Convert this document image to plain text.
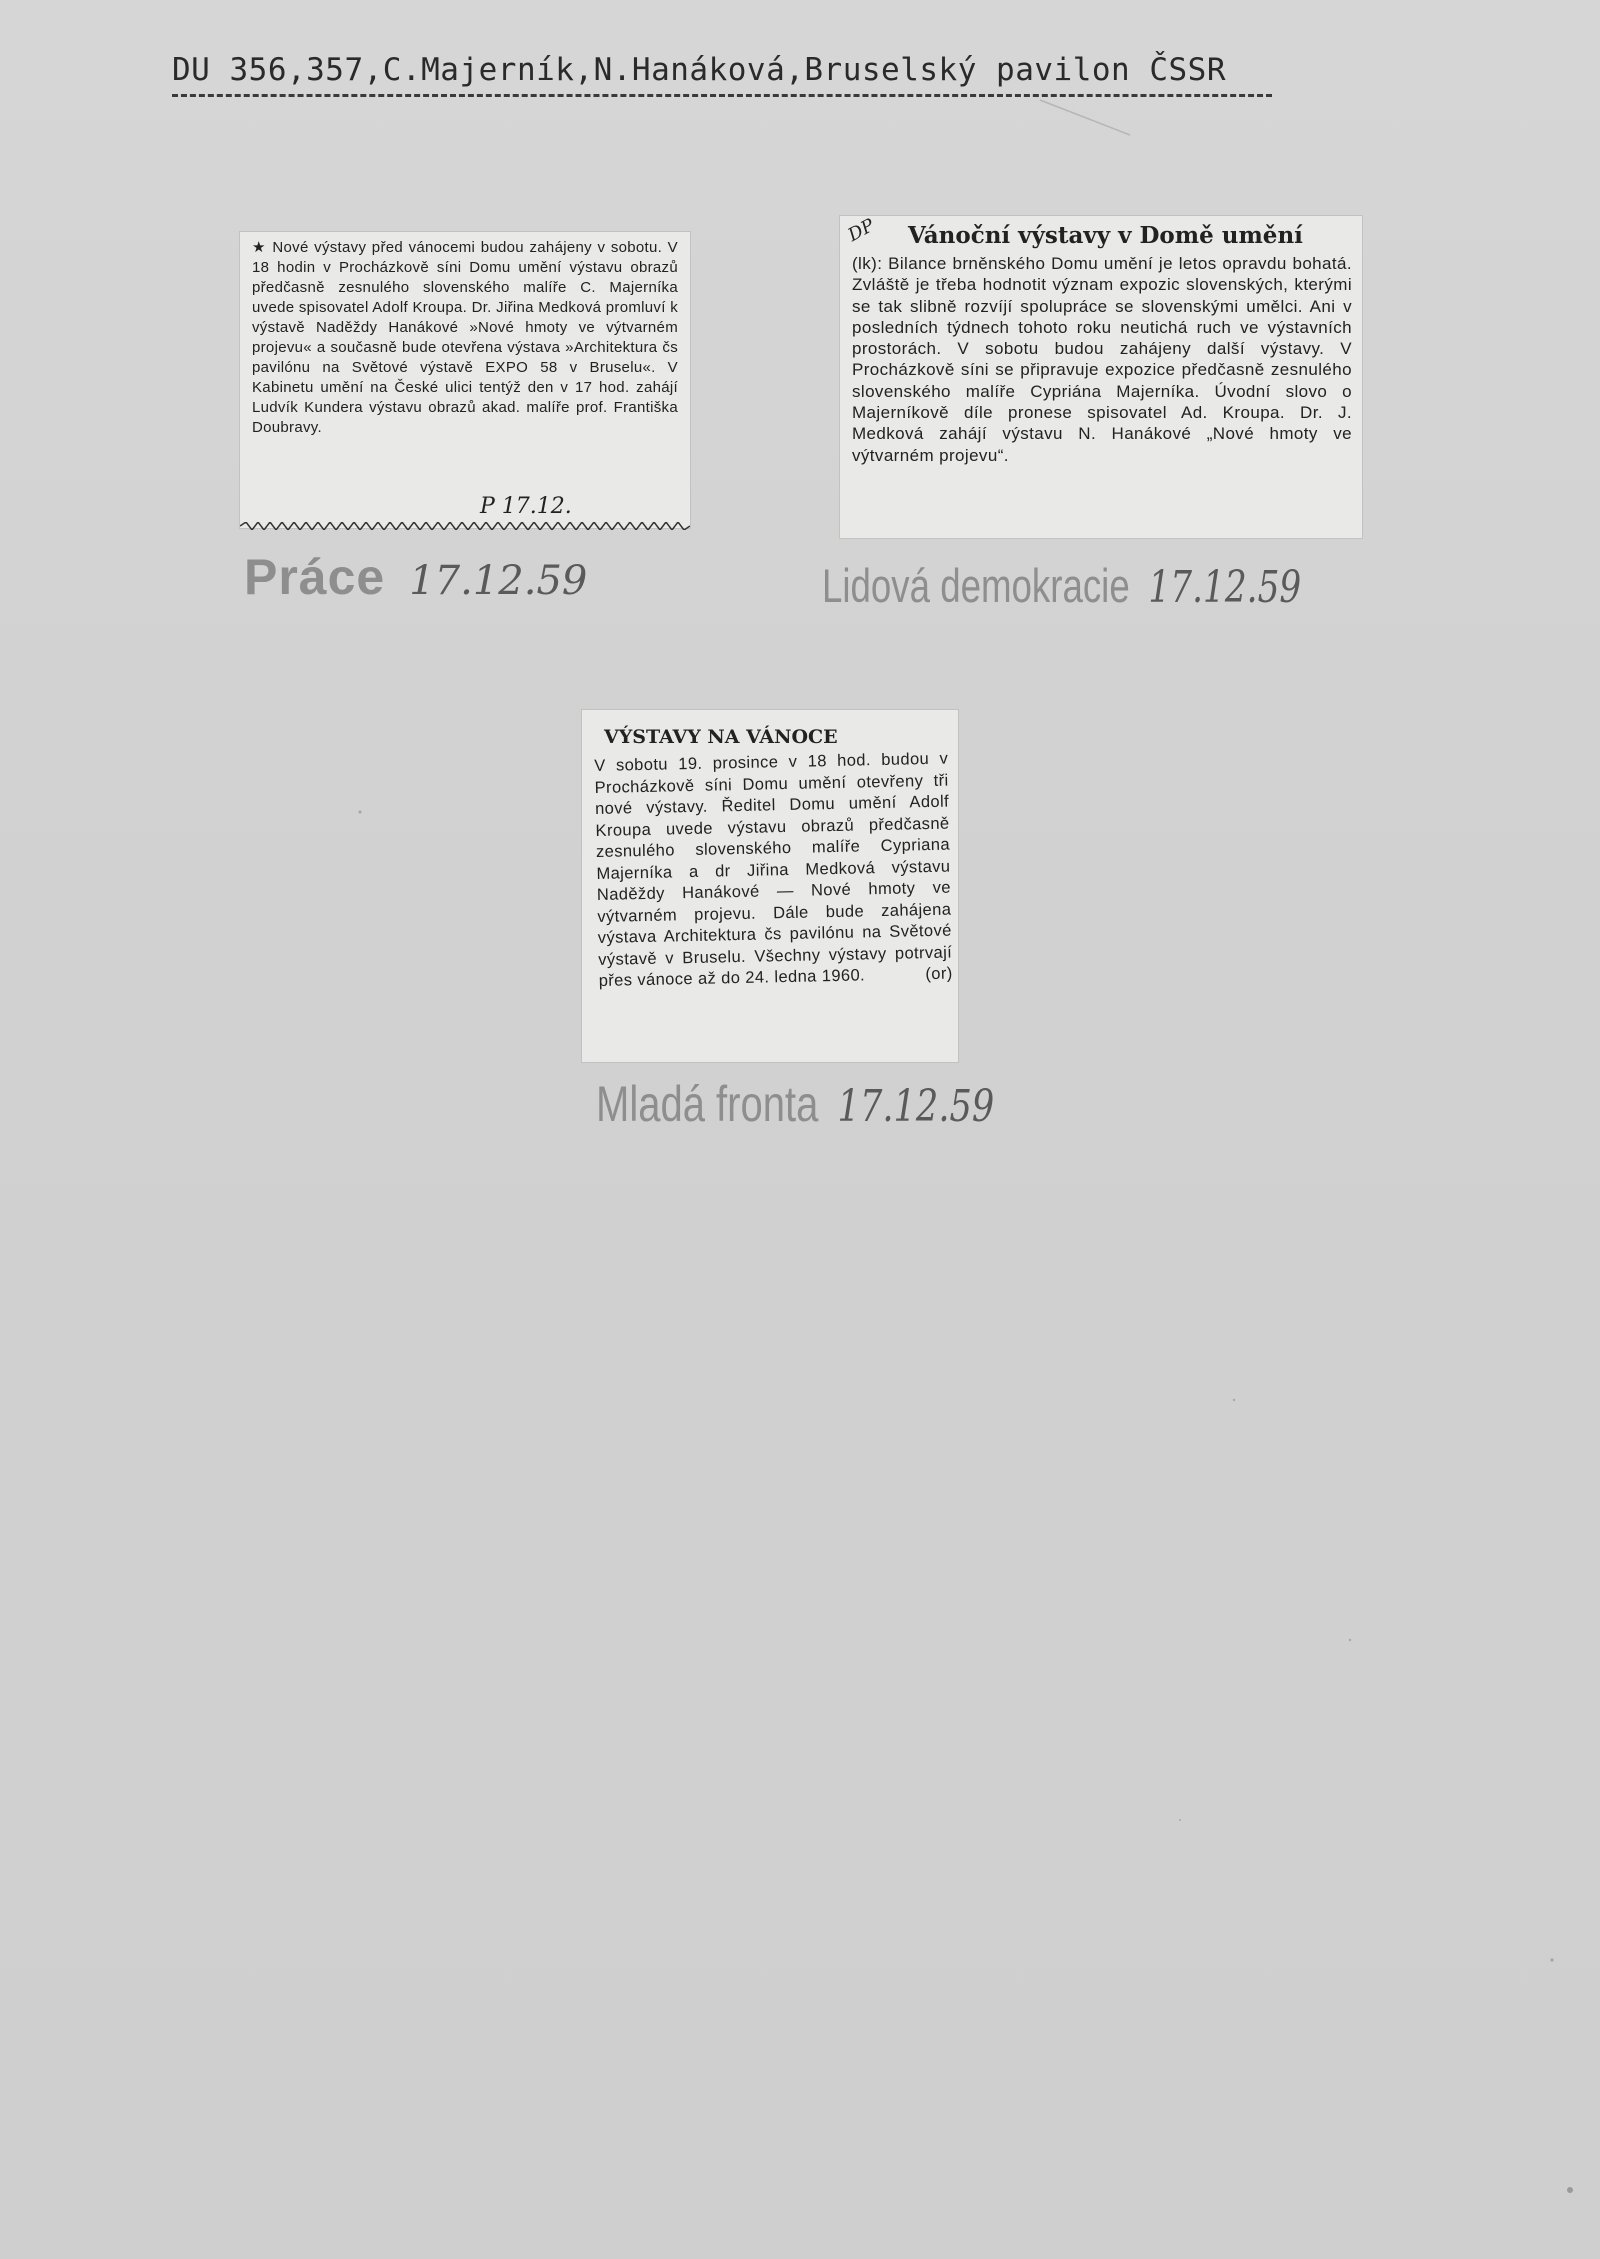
DU 356,357,C.Majerník,N.Hanáková,Bruselský pavilon ČSSR

★ Nové výstavy před vánocemi budou zahájeny v sobotu. V 18 hodin v Procházkově síni Domu umění výstavu obrazů předčasně zesnulého slovenského malíře C. Majerníka uvede spisovatel Adolf Kroupa. Dr. Jiřina Medková promluví k výstavě Naděždy Hanákové »Nové hmoty ve výtvarném projevu« a současně bude otevřena výstava »Architektura čs pavilónu na Světové výstavě EXPO 58 v Bruselu«. V Kabinetu umění na České ulici tentýž den v 17 hod. zahájí Ludvík Kundera výstavu obrazů akad. malíře prof. Františka Doubravy.

P 17.12.
Práce 17.12.59
DP Vánoční výstavy v Domě umění

(lk): Bilance brněnského Domu umění je letos opravdu bohatá. Zvláště je třeba hodnotit význam expozic slovenských, kterými se tak slibně rozvíjí spolupráce se slovenskými umělci. Ani v posledních týdnech tohoto roku neutichá ruch ve výstavních prostorách. V sobotu budou zahájeny další výstavy. V Procházkově síni se připravuje expozice předčasně zesnulého slovenského malíře Cypriána Majerníka. Úvodní slovo o Majerníkově díle pronese spisovatel Ad. Kroupa. Dr. J. Medková zahájí výstavu N. Hanákové „Nové hmoty ve výtvarném projevu“.

Lidová demokracie 17.12.59
VÝSTAVY NA VÁNOCE

V sobotu 19. prosince v 18 hod. budou v Procházkově síni Domu umění otevřeny tři nové výstavy. Ředitel Domu umění Adolf Kroupa uvede výstavu obrazů předčasně zesnulého slovenského malíře Cypriana Majerníka a dr Jiřina Medková výstavu Naděždy Hanákové — Nové hmoty ve výtvarném projevu. Dále bude zahájena výstava Architektura čs pavilónu na Světové výstavě v Bruselu. Všechny výstavy potrvají přes vánoce až do 24. ledna 1960.	(or)

Mladá fronta 17.12.59
